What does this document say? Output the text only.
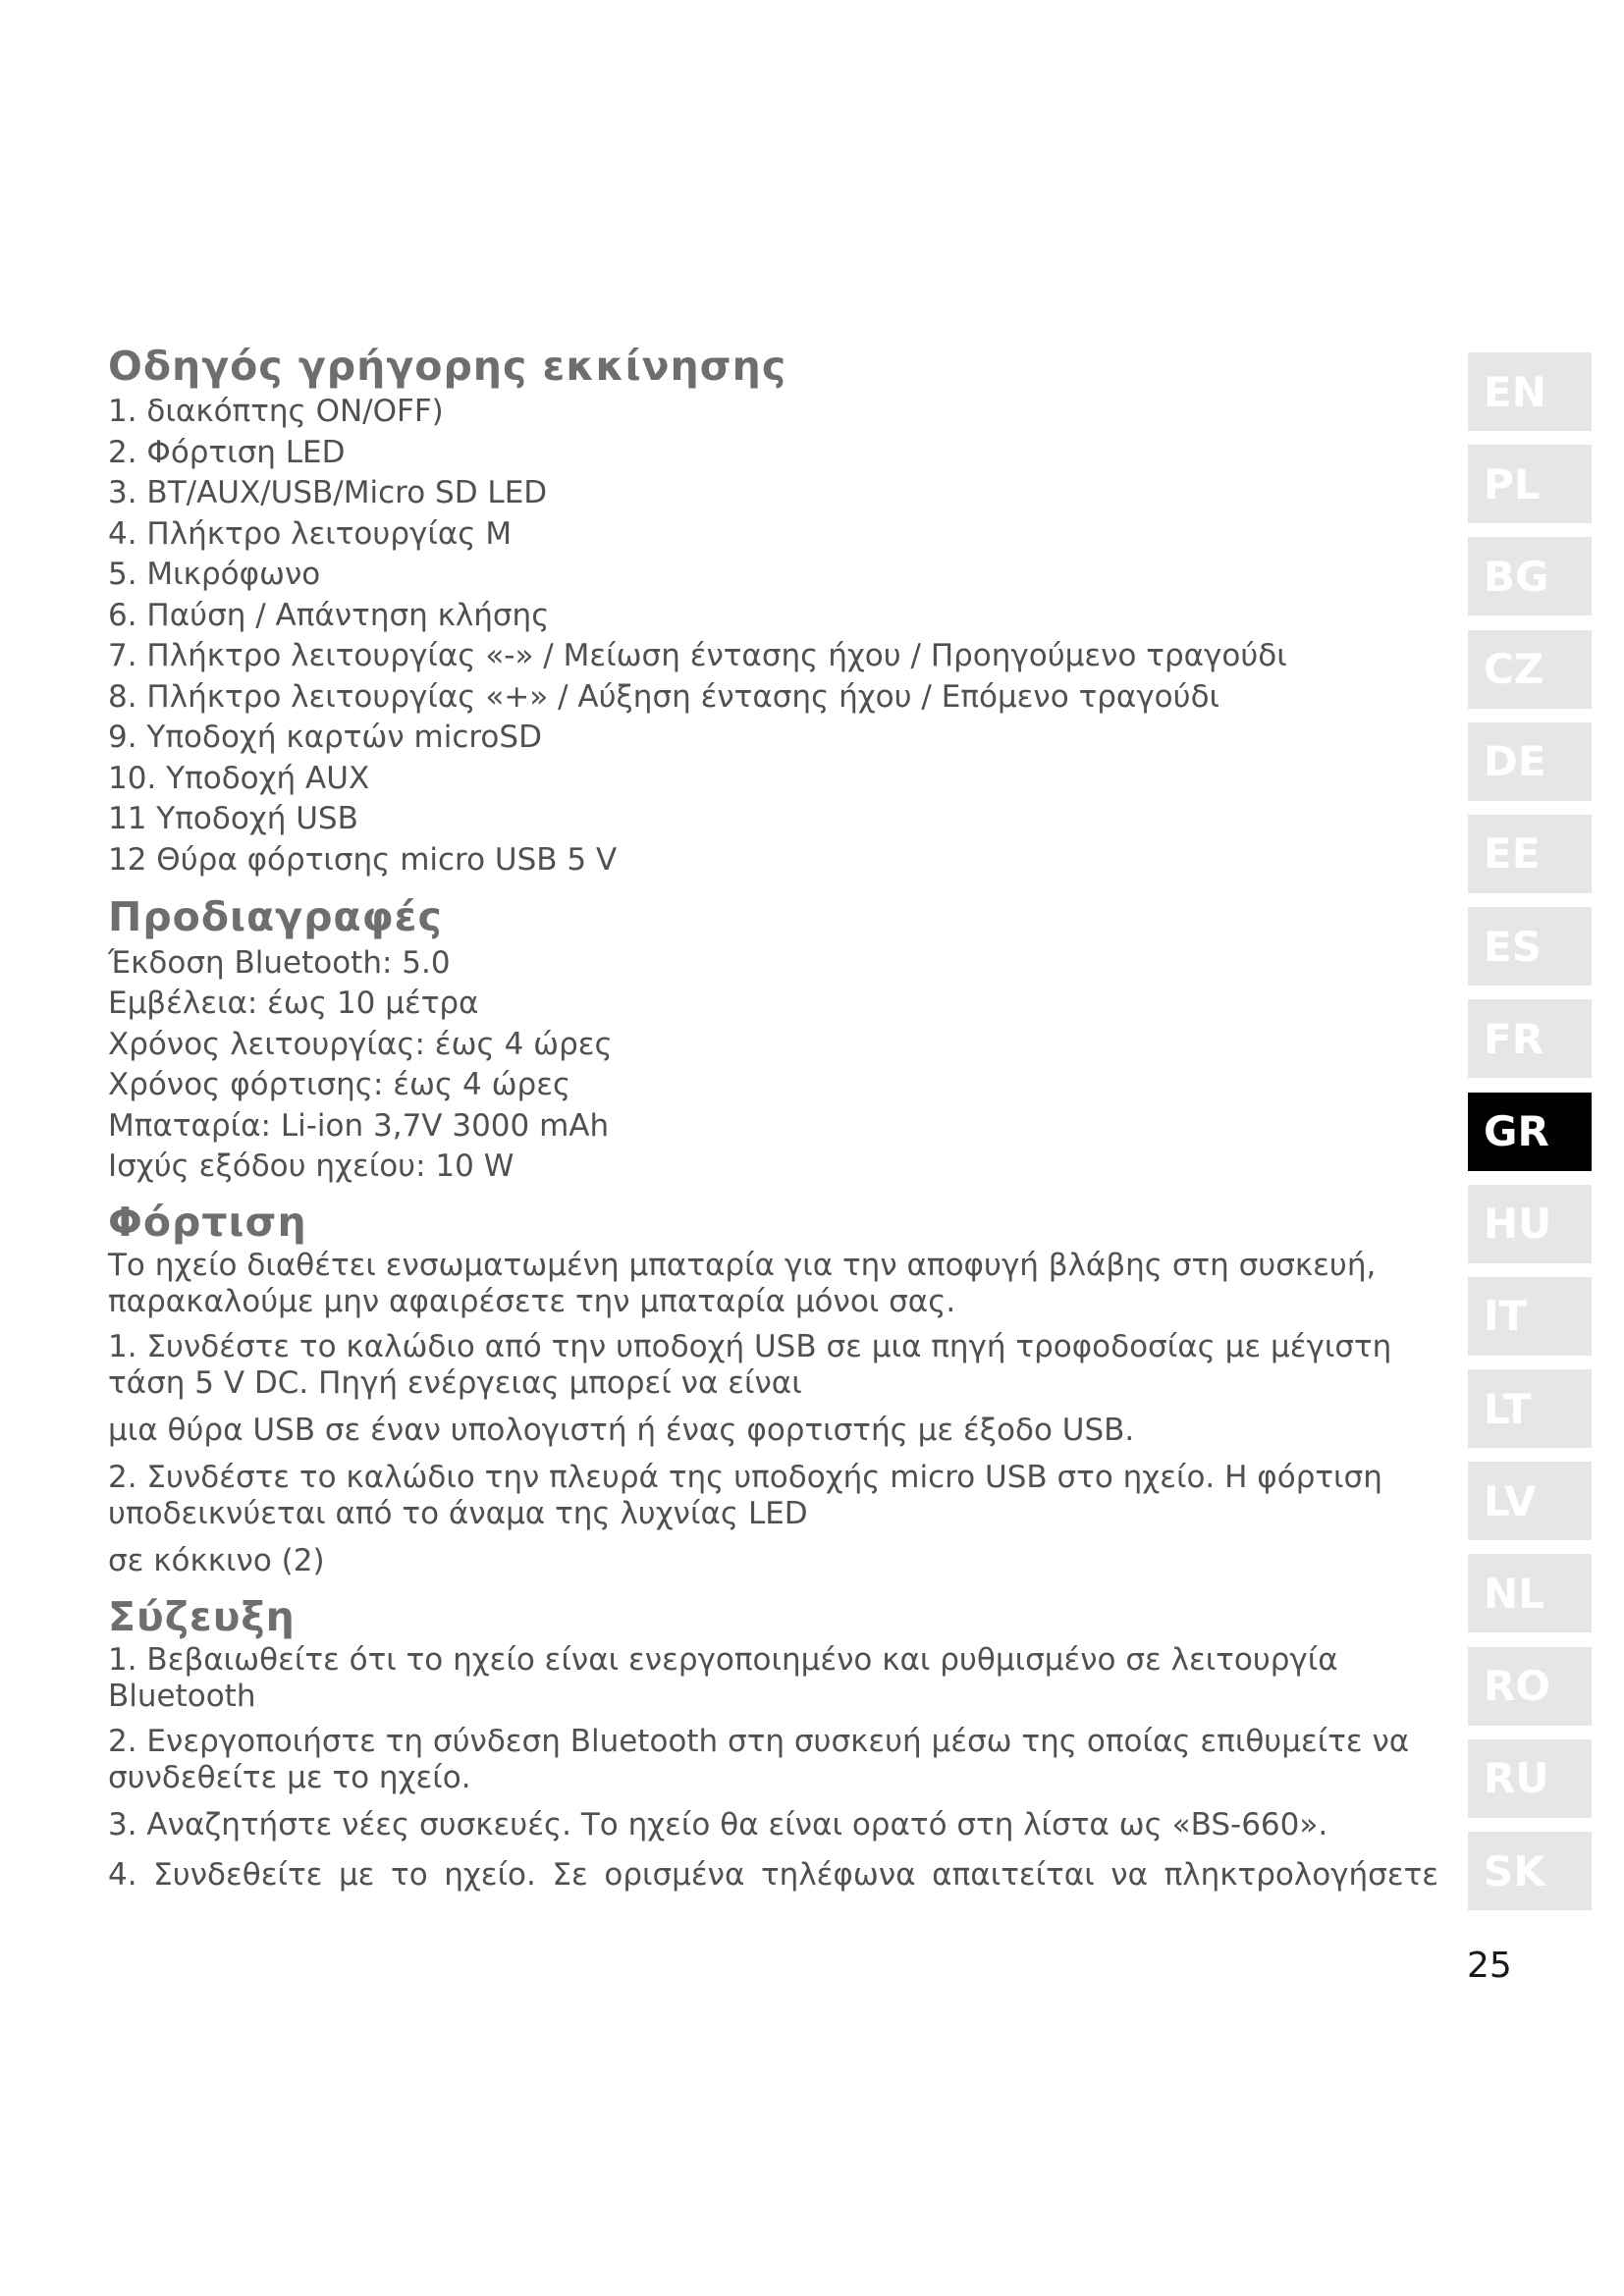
Οδηγός γρήγορης εκκίνησης
1. διακόπτης ON/OFF)
2. Φόρτιση LED
3. BT/AUX/USB/Micro SD LED
4. Πλήκτρο λειτουργίας M
5. Μικρόφωνο
6. Παύση / Απάντηση κλήσης
7. Πλήκτρο λειτουργίας «-» / Μείωση έντασης ήχου / Προηγούμενο τραγούδι
8. Πλήκτρο λειτουργίας «+» / Αύξηση έντασης ήχου / Επόμενο τραγούδι
9. Υποδοχή καρτών microSD
10. Υποδοχή AUX
11 Υποδοχή USB
12 Θύρα φόρτισης micro USB 5 V
Προδιαγραφές
Έκδοση Bluetooth: 5.0
Εμβέλεια: έως 10 μέτρα
Χρόνος λειτουργίας: έως 4 ώρες
Χρόνος φόρτισης: έως 4 ώρες
Μπαταρία: Li-ion 3,7V 3000 mAh
Ισχύς εξόδου ηχείου: 10 W
Φόρτιση
Το ηχείο διαθέτει ενσωματωμένη μπαταρία για την αποφυγή βλάβης στη συσκευή, παρακαλούμε μην αφαιρέσετε την μπαταρία μόνοι σας.
1. Συνδέστε το καλώδιο από την υποδοχή USB σε μια πηγή τροφοδοσίας με μέγιστη τάση 5 V DC. Πηγή ενέργειας μπορεί να είναι
μια θύρα USB σε έναν υπολογιστή ή ένας φορτιστής με έξοδο USB.
2. Συνδέστε το καλώδιο την πλευρά της υποδοχής micro USB στο ηχείο. Η φόρτιση υποδεικνύεται από το άναμα της λυχνίας LED
σε κόκκινο (2)
Σύζευξη
1. Βεβαιωθείτε ότι το ηχείο είναι ενεργοποιημένο και ρυθμισμένο σε λειτουργία Bluetooth
2. Ενεργοποιήστε τη σύνδεση Bluetooth στη συσκευή μέσω της οποίας επιθυμείτε να συνδεθείτε με το ηχείο.
3. Αναζητήστε νέες συσκευές. Το ηχείο θα είναι ορατό στη λίστα ως «BS-660».
4. Συνδεθείτε με το ηχείο. Σε ορισμένα τηλέφωνα απαιτείται να πληκτρολογήσετε
EN
PL
BG
CZ
DE
EE
ES
FR
GR
HU
IT
LT
LV
NL
RO
RU
SK
25
